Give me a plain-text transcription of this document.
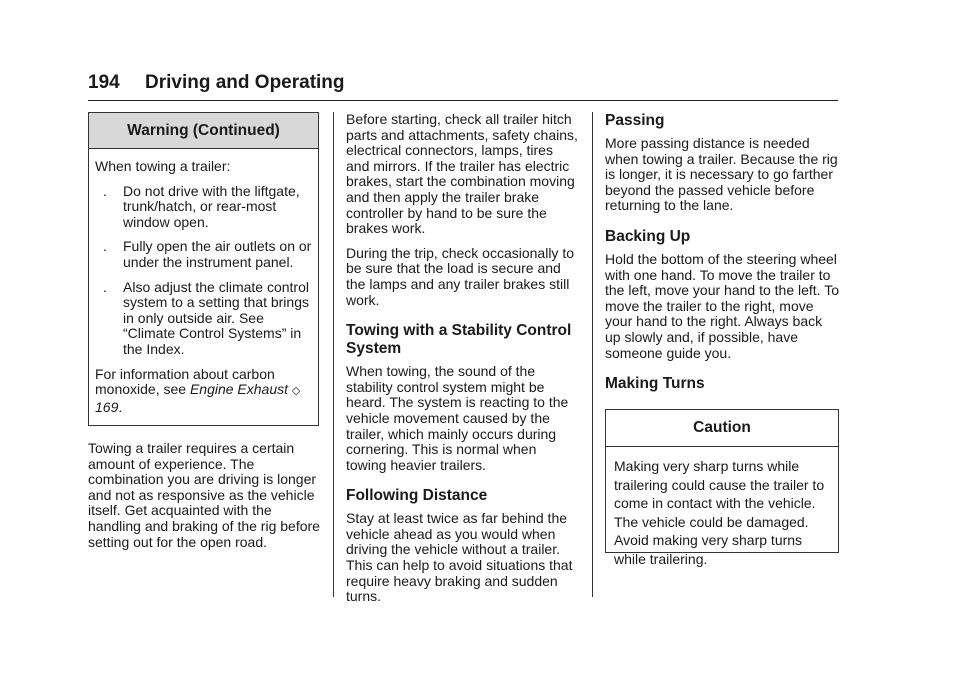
194 Driving and Operating
Warning (Continued)

When towing a trailer:

.	Do not drive with the liftgate, trunk/hatch, or rear-most window open.
.	Fully open the air outlets on or under the instrument panel.
.	Also adjust the climate control system to a setting that brings in only outside air. See “Climate Control Systems” in the Index.

For information about carbon monoxide, see Engine Exhaust ◇ 169.

Towing a trailer requires a certain amount of experience. The combination you are driving is longer and not as responsive as the vehicle itself. Get acquainted with the handling and braking of the rig before setting out for the open road.

Before starting, check all trailer hitch parts and attachments, safety chains, electrical connectors, lamps, tires and mirrors. If the trailer has electric brakes, start the combination moving and then apply the trailer brake controller by hand to be sure the brakes work.

During the trip, check occasionally to be sure that the load is secure and the lamps and any trailer brakes still work.

Towing with a Stability Control System

When towing, the sound of the stability control system might be heard. The system is reacting to the vehicle movement caused by the trailer, which mainly occurs during cornering. This is normal when towing heavier trailers.

Following Distance

Stay at least twice as far behind the vehicle ahead as you would when driving the vehicle without a trailer. This can help to avoid situations that require heavy braking and sudden turns.

Passing

More passing distance is needed when towing a trailer. Because the rig is longer, it is necessary to go farther beyond the passed vehicle before returning to the lane.

Backing Up

Hold the bottom of the steering wheel with one hand. To move the trailer to the left, move your hand to the left. To move the trailer to the right, move your hand to the right. Always back up slowly and, if possible, have someone guide you.

Making Turns
Caution
Making very sharp turns while trailering could cause the trailer to come in contact with the vehicle. The vehicle could be damaged. Avoid making very sharp turns while trailering.
